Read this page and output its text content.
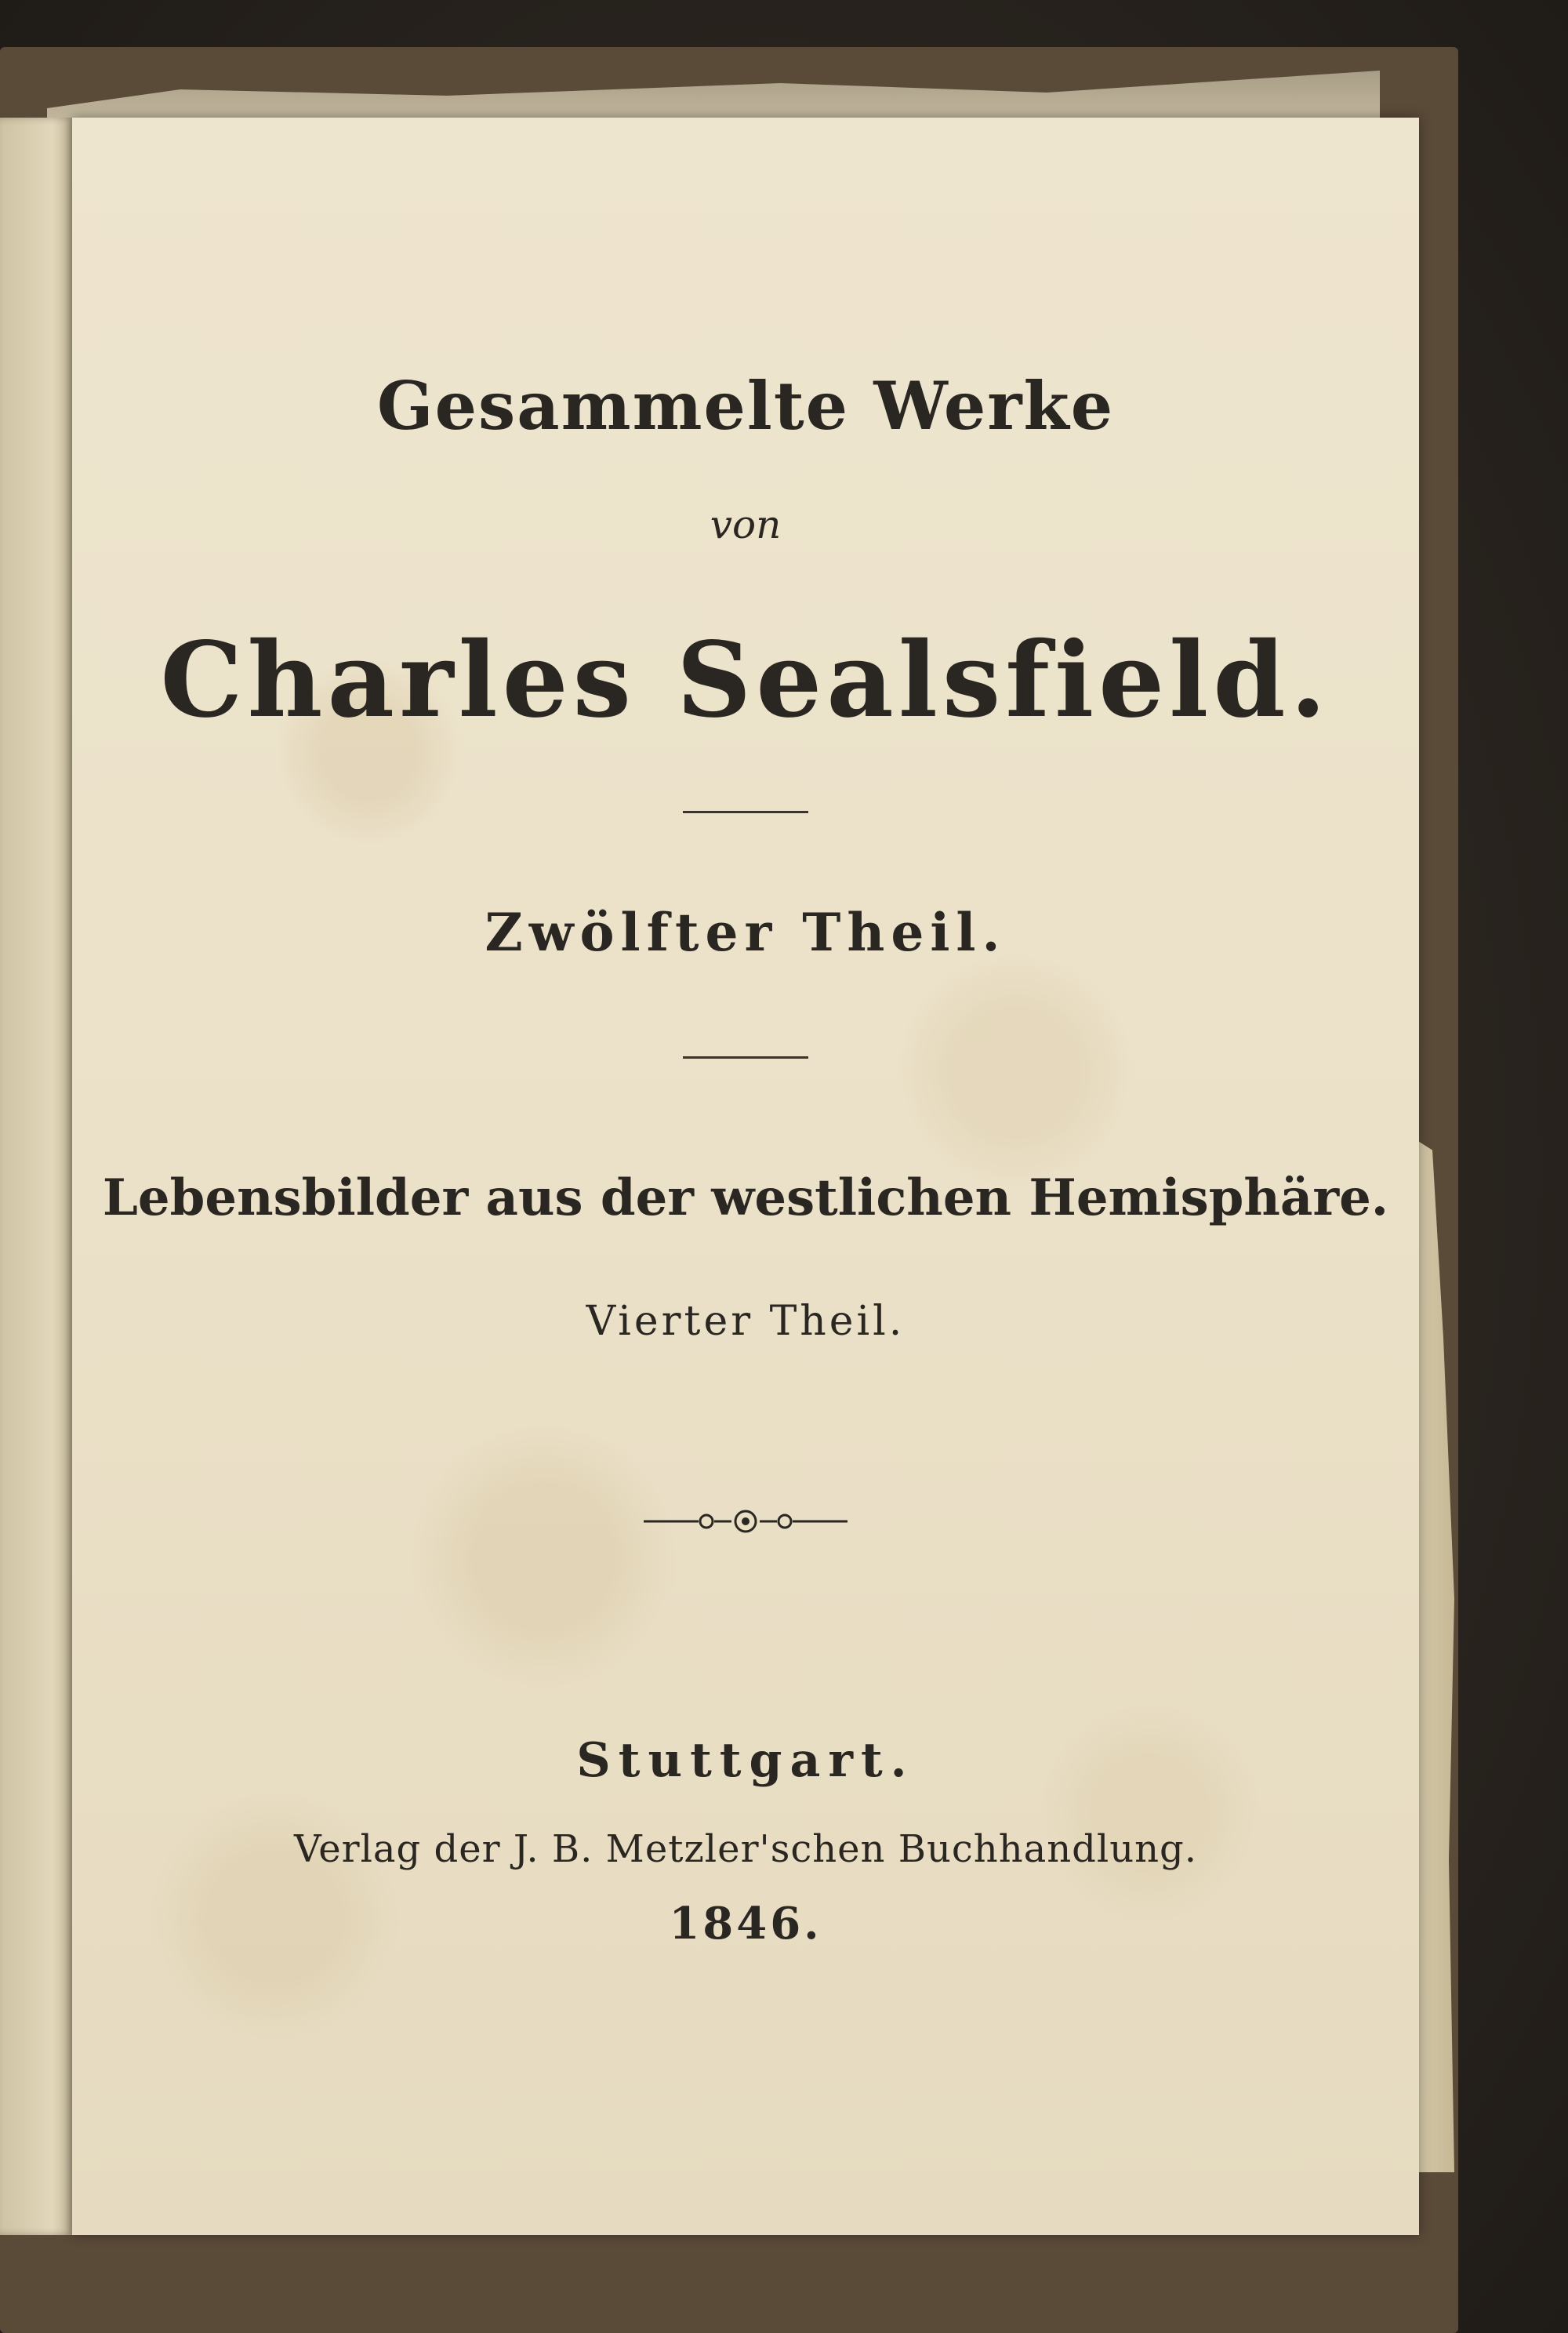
Gesammelte Werke
von
Charles Sealsfield.
Zwölfter Theil.
Lebensbilder aus der westlichen Hemisphäre.
Vierter Theil.
Stuttgart.
Verlag der J. B. Metzler'schen Buchhandlung.
1846.
